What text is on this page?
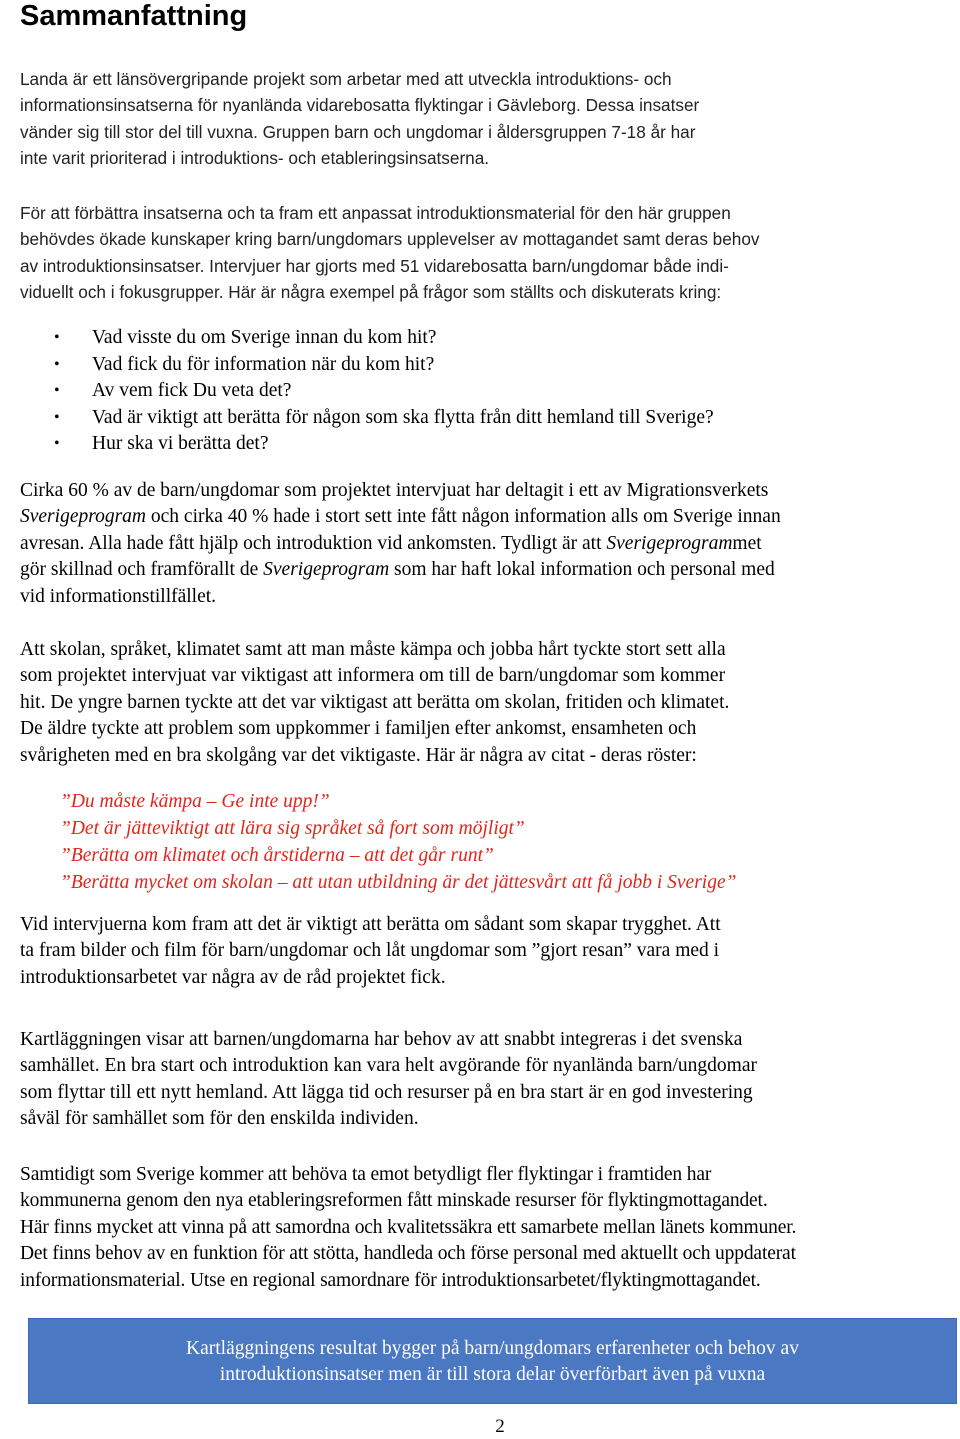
Sammanfattning
Landa är ett länsövergripande projekt som arbetar med att utveckla introduktions- och
informationsinsatserna för nyanlända vidarebosatta flyktingar i Gävleborg. Dessa insatser
vänder sig till stor del till vuxna. Gruppen barn och ungdomar i åldersgruppen 7-18 år har
inte varit prioriterad i introduktions- och etableringsinsatserna.
För att förbättra insatserna och ta fram ett anpassat introduktionsmaterial för den här gruppen
behövdes ökade kunskaper kring barn/ungdomars upplevelser av mottagandet samt deras behov
av introduktionsinsatser. Intervjuer har gjorts med 51 vidarebosatta barn/ungdomar både indi-
viduellt och i fokusgrupper. Här är några exempel på frågor som ställts och diskuterats kring:
• Vad visste du om Sverige innan du kom hit?
• Vad fick du för information när du kom hit?
• Av vem fick Du veta det?
• Vad är viktigt att berätta för någon som ska flytta från ditt hemland till Sverige?
• Hur ska vi berätta det?
Cirka 60 % av de barn/ungdomar som projektet intervjuat har deltagit i ett av Migrationsverkets
Sverigeprogram och cirka 40 % hade i stort sett inte fått någon information alls om Sverige innan
avresan. Alla hade fått hjälp och introduktion vid ankomsten. Tydligt är att Sverigeprogrammet
gör skillnad och framförallt de Sverigeprogram som har haft lokal information och personal med
vid informationstillfället.
Att skolan, språket, klimatet samt att man måste kämpa och jobba hårt tyckte stort sett alla
som projektet intervjuat var viktigast att informera om till de barn/ungdomar som kommer
hit. De yngre barnen tyckte att det var viktigast att berätta om skolan, fritiden och klimatet.
De äldre tyckte att problem som uppkommer i familjen efter ankomst, ensamheten och
svårigheten med en bra skolgång var det viktigaste. Här är några av citat - deras röster:
”Du måste kämpa – Ge inte upp!”
”Det är jätteviktigt att lära sig språket så fort som möjligt”
”Berätta om klimatet och årstiderna – att det går runt”
”Berätta mycket om skolan – att utan utbildning är det jättesvårt att få jobb i Sverige”
Vid intervjuerna kom fram att det är viktigt att berätta om sådant som skapar trygghet. Att
ta fram bilder och film för barn/ungdomar och låt ungdomar som ”gjort resan” vara med i
introduktionsarbetet var några av de råd projektet fick.
Kartläggningen visar att barnen/ungdomarna har behov av att snabbt integreras i det svenska
samhället. En bra start och introduktion kan vara helt avgörande för nyanlända barn/ungdomar
som flyttar till ett nytt hemland. Att lägga tid och resurser på en bra start är en god investering
såväl för samhället som för den enskilda individen.
Samtidigt som Sverige kommer att behöva ta emot betydligt fler flyktingar i framtiden har
kommunerna genom den nya etableringsreformen fått minskade resurser för flyktingmottagandet.
Här finns mycket att vinna på att samordna och kvalitetssäkra ett samarbete mellan länets kommuner.
Det finns behov av en funktion för att stötta, handleda och förse personal med aktuellt och uppdaterat
informationsmaterial. Utse en regional samordnare för introduktionsarbetet/flyktingmottagandet.
Kartläggningens resultat bygger på barn/ungdomars erfarenheter och behov av
introduktionsinsatser men är till stora delar överförbart även på vuxna
2
